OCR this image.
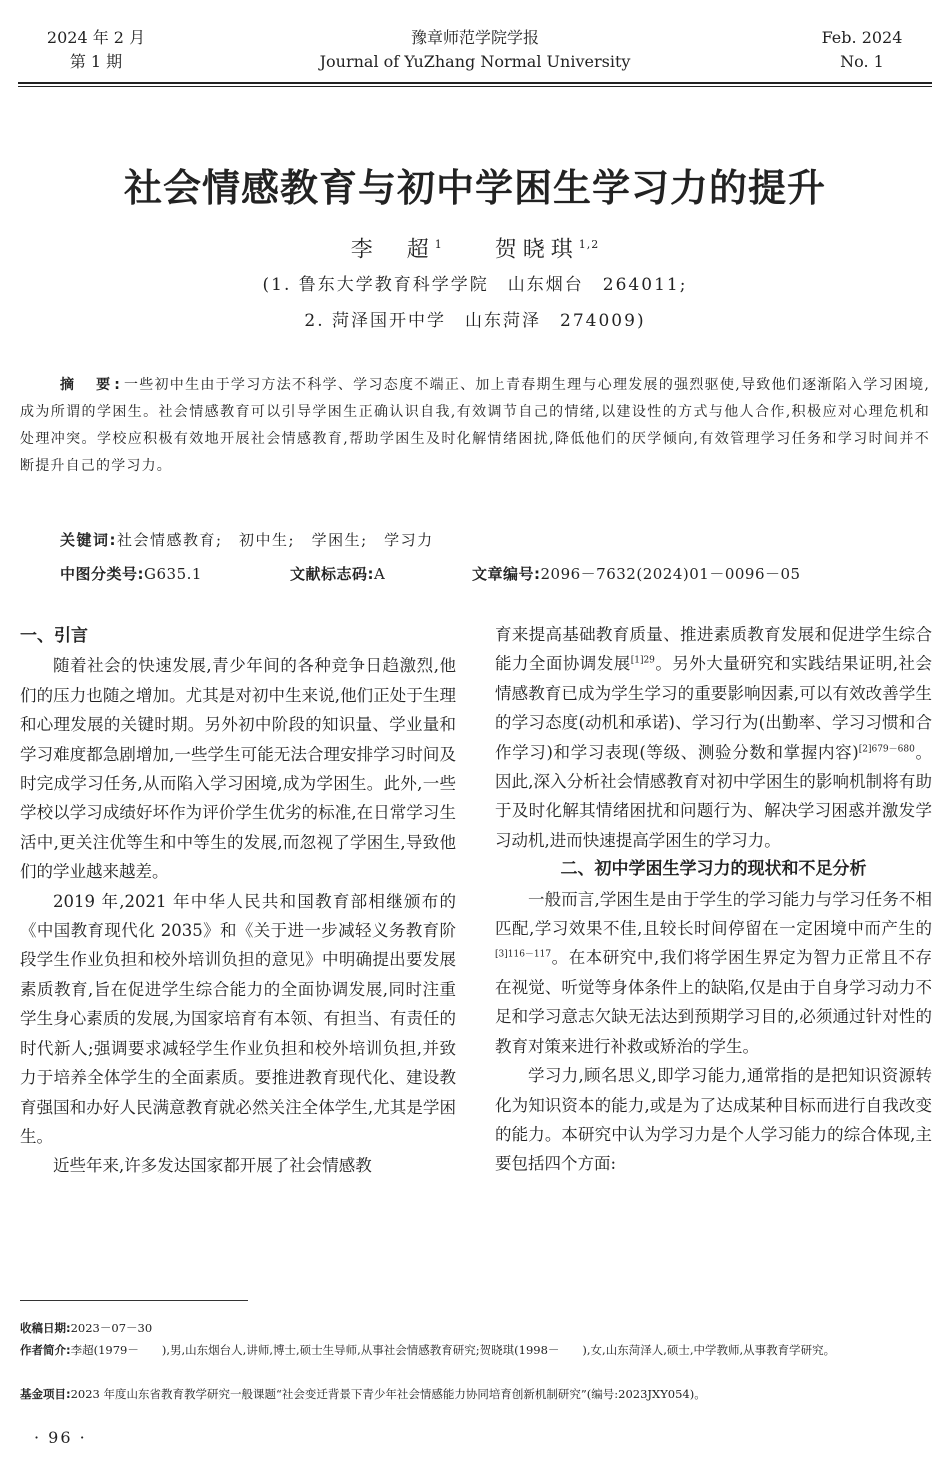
2024 年 2 月
第 1 期
豫章师范学院学报
Journal of YuZhang Normal University
Feb. 2024
No. 1
社会情感教育与初中学困生学习力的提升
李　超$^1$ 贺晓琪$^{1,2}$
(1. 鲁东大学教育科学学院　山东烟台　264011;
2. 菏泽国开中学　山东菏泽　274009)
摘　要:一些初中生由于学习方法不科学、学习态度不端正、加上青春期生理与心理发展的强烈驱使,导致他们逐渐陷入学习困境,成为所谓的学困生。社会情感教育可以引导学困生正确认识自我,有效调节自己的情绪,以建设性的方式与他人合作,积极应对心理危机和处理冲突。学校应积极有效地开展社会情感教育,帮助学困生及时化解情绪困扰,降低他们的厌学倾向,有效管理学习任务和学习时间并不断提升自己的学习力。
关键词:社会情感教育;　初中生;　学困生;　学习力
中图分类号:G635.1	文献标志码:A	文章编号:2096－7632(2024)01－0096－05
一、引言

随着社会的快速发展,青少年间的各种竞争日趋激烈,他们的压力也随之增加。尤其是对初中生来说,他们正处于生理和心理发展的关键时期。另外初中阶段的知识量、学业量和学习难度都急剧增加,一些学生可能无法合理安排学习时间及时完成学习任务,从而陷入学习困境,成为学困生。此外,一些学校以学习成绩好坏作为评价学生优劣的标准,在日常学习生活中,更关注优等生和中等生的发展,而忽视了学困生,导致他们的学业越来越差。

2019 年,2021 年中华人民共和国教育部相继颁布的《中国教育现代化 2035》和《关于进一步减轻义务教育阶段学生作业负担和校外培训负担的意见》中明确提出要发展素质教育,旨在促进学生综合能力的全面协调发展,同时注重学生身心素质的发展,为国家培育有本领、有担当、有责任的时代新人;强调要求减轻学生作业负担和校外培训负担,并致力于培养全体学生的全面素质。要推进教育现代化、建设教育强国和办好人民满意教育就必然关注全体学生,尤其是学困生。

近些年来,许多发达国家都开展了社会情感教

育来提高基础教育质量、推进素质教育发展和促进学生综合能力全面协调发展$^{[1]29}$。另外大量研究和实践结果证明,社会情感教育已成为学生学习的重要影响因素,可以有效改善学生的学习态度(动机和承诺)、学习行为(出勤率、学习习惯和合作学习)和学习表现(等级、测验分数和掌握内容)$^{[2]679-680}$。因此,深入分析社会情感教育对初中学困生的影响机制将有助于及时化解其情绪困扰和问题行为、解决学习困惑并激发学习动机,进而快速提高学困生的学习力。

二、初中学困生学习力的现状和不足分析

一般而言,学困生是由于学生的学习能力与学习任务不相匹配,学习效果不佳,且较长时间停留在一定困境中而产生的$^{[3]116-117}$。在本研究中,我们将学困生界定为智力正常且不存在视觉、听觉等身体条件上的缺陷,仅是由于自身学习动力不足和学习意志欠缺无法达到预期学习目的,必须通过针对性的教育对策来进行补救或矫治的学生。

学习力,顾名思义,即学习能力,通常指的是把知识资源转化为知识资本的能力,或是为了达成某种目标而进行自我改变的能力。本研究中认为学习力是个人学习能力的综合体现,主要包括四个方面:

收稿日期:2023－07－30
作者简介:李超(1979－　　),男,山东烟台人,讲师,博士,硕士生导师,从事社会情感教育研究;贺晓琪(1998－　　),女,山东菏泽人,硕士,中学教师,从事教育学研究。
基金项目:2023 年度山东省教育教学研究一般课题“社会变迁背景下青少年社会情感能力协同培育创新机制研究”(编号:2023JXY054)。
· 96 ·
